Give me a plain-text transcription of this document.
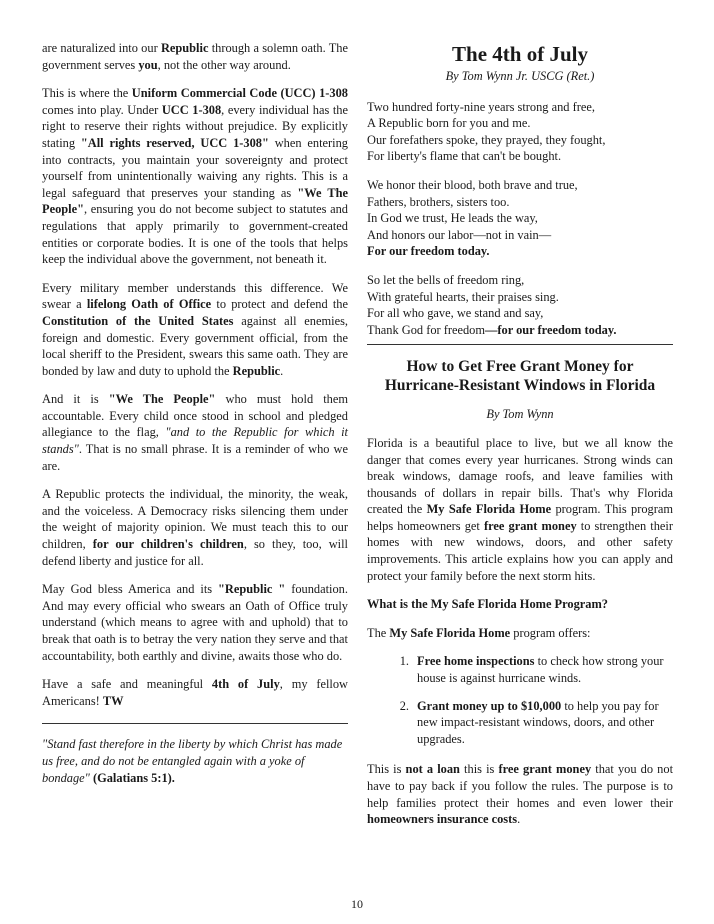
are naturalized into our Republic through a solemn oath. The government serves you, not the other way around.

This is where the Uniform Commercial Code (UCC) 1-308 comes into play. Under UCC 1-308, every individual has the right to reserve their rights without prejudice. By explicitly stating "All rights reserved, UCC 1-308" when entering into contracts, you maintain your sovereignty and protect yourself from unintentionally waiving any rights. This is a legal safeguard that preserves your standing as "We The People", ensuring you do not become subject to statutes and regulations that apply primarily to government-created entities or corporate bodies. It is one of the tools that helps keep the individual above the government, not beneath it.

Every military member understands this difference. We swear a lifelong Oath of Office to protect and defend the Constitution of the United States against all enemies, foreign and domestic. Every government official, from the local sheriff to the President, swears this same oath. They are bonded by law and duty to uphold the Republic.

And it is "We The People" who must hold them accountable. Every child once stood in school and pledged allegiance to the flag, "and to the Republic for which it stands". That is no small phrase. It is a reminder of who we are.

A Republic protects the individual, the minority, the weak, and the voiceless. A Democracy risks silencing them under the weight of majority opinion. We must teach this to our children, for our children's children, so they, too, will defend liberty and justice for all.

May God bless America and its "Republic " foundation. And may every official who swears an Oath of Office truly understand (which means to agree with and uphold) that to break that oath is to betray the very nation they serve and that accountability, both earthly and divine, awaits those who do.

Have a safe and meaningful 4th of July, my fellow Americans! TW

"Stand fast therefore in the liberty by which Christ has made us free, and do not be entangled again with a yoke of bondage" (Galatians 5:1).

The 4th of July
By Tom Wynn Jr. USCG (Ret.)
Two hundred forty-nine years strong and free,
A Republic born for you and me.
Our forefathers spoke, they prayed, they fought,
For liberty's flame that can't be bought.
We honor their blood, both brave and true,
Fathers, brothers, sisters too.
In God we trust, He leads the way,
And honors our labor—not in vain—
For our freedom today.
So let the bells of freedom ring,
With grateful hearts, their praises sing.
For all who gave, we stand and say,
Thank God for freedom—for our freedom today.
How to Get Free Grant Money for
Hurricane-Resistant Windows in Florida
By Tom Wynn

Florida is a beautiful place to live, but we all know the danger that comes every year hurricanes. Strong winds can break windows, damage roofs, and leave families with thousands of dollars in repair bills. That's why Florida created the My Safe Florida Home program. This program helps homeowners get free grant money to strengthen their homes with new windows, doors, and other safety improvements. This article explains how you can apply and protect your family before the next storm hits.

What is the My Safe Florida Home Program?

The My Safe Florida Home program offers:

1. Free home inspections to check how strong your house is against hurricane winds.
2. Grant money up to $10,000 to help you pay for new impact-resistant windows, doors, and other upgrades.

This is not a loan this is free grant money that you do not have to pay back if you follow the rules. The purpose is to help families protect their homes and even lower their homeowners insurance costs.

10
